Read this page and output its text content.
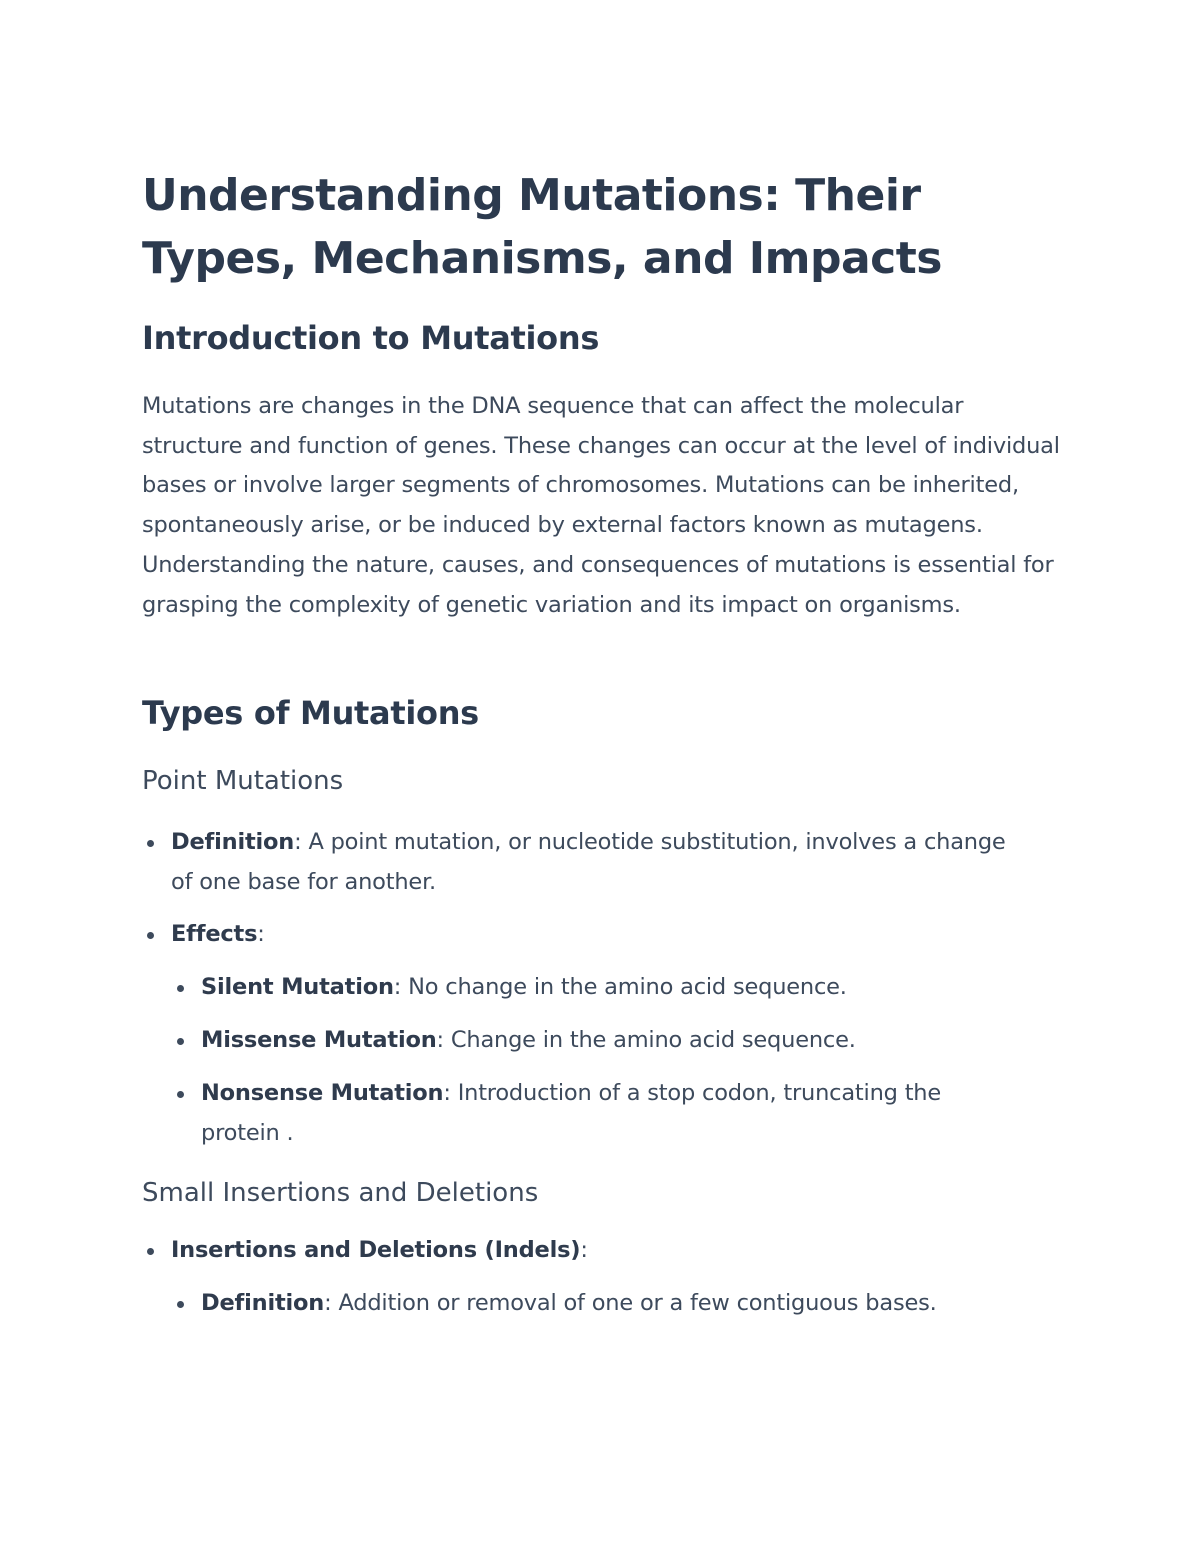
Understanding Mutations: Their Types, Mechanisms, and Impacts
Introduction to Mutations

Mutations are changes in the DNA sequence that can affect the molecular structure and function of genes. These changes can occur at the level of individual bases or involve larger segments of chromosomes. Mutations can be inherited, spontaneously arise, or be induced by external factors known as mutagens. Understanding the nature, causes, and consequences of mutations is essential for grasping the complexity of genetic variation and its impact on organisms.

Types of Mutations
Point Mutations
Definition: A point mutation, or nucleotide substitution, involves a change of one base for another.
Effects:
Silent Mutation: No change in the amino acid sequence.
Missense Mutation: Change in the amino acid sequence.
Nonsense Mutation: Introduction of a stop codon, truncating the protein .
Small Insertions and Deletions
Insertions and Deletions (Indels):
Definition: Addition or removal of one or a few contiguous bases.
